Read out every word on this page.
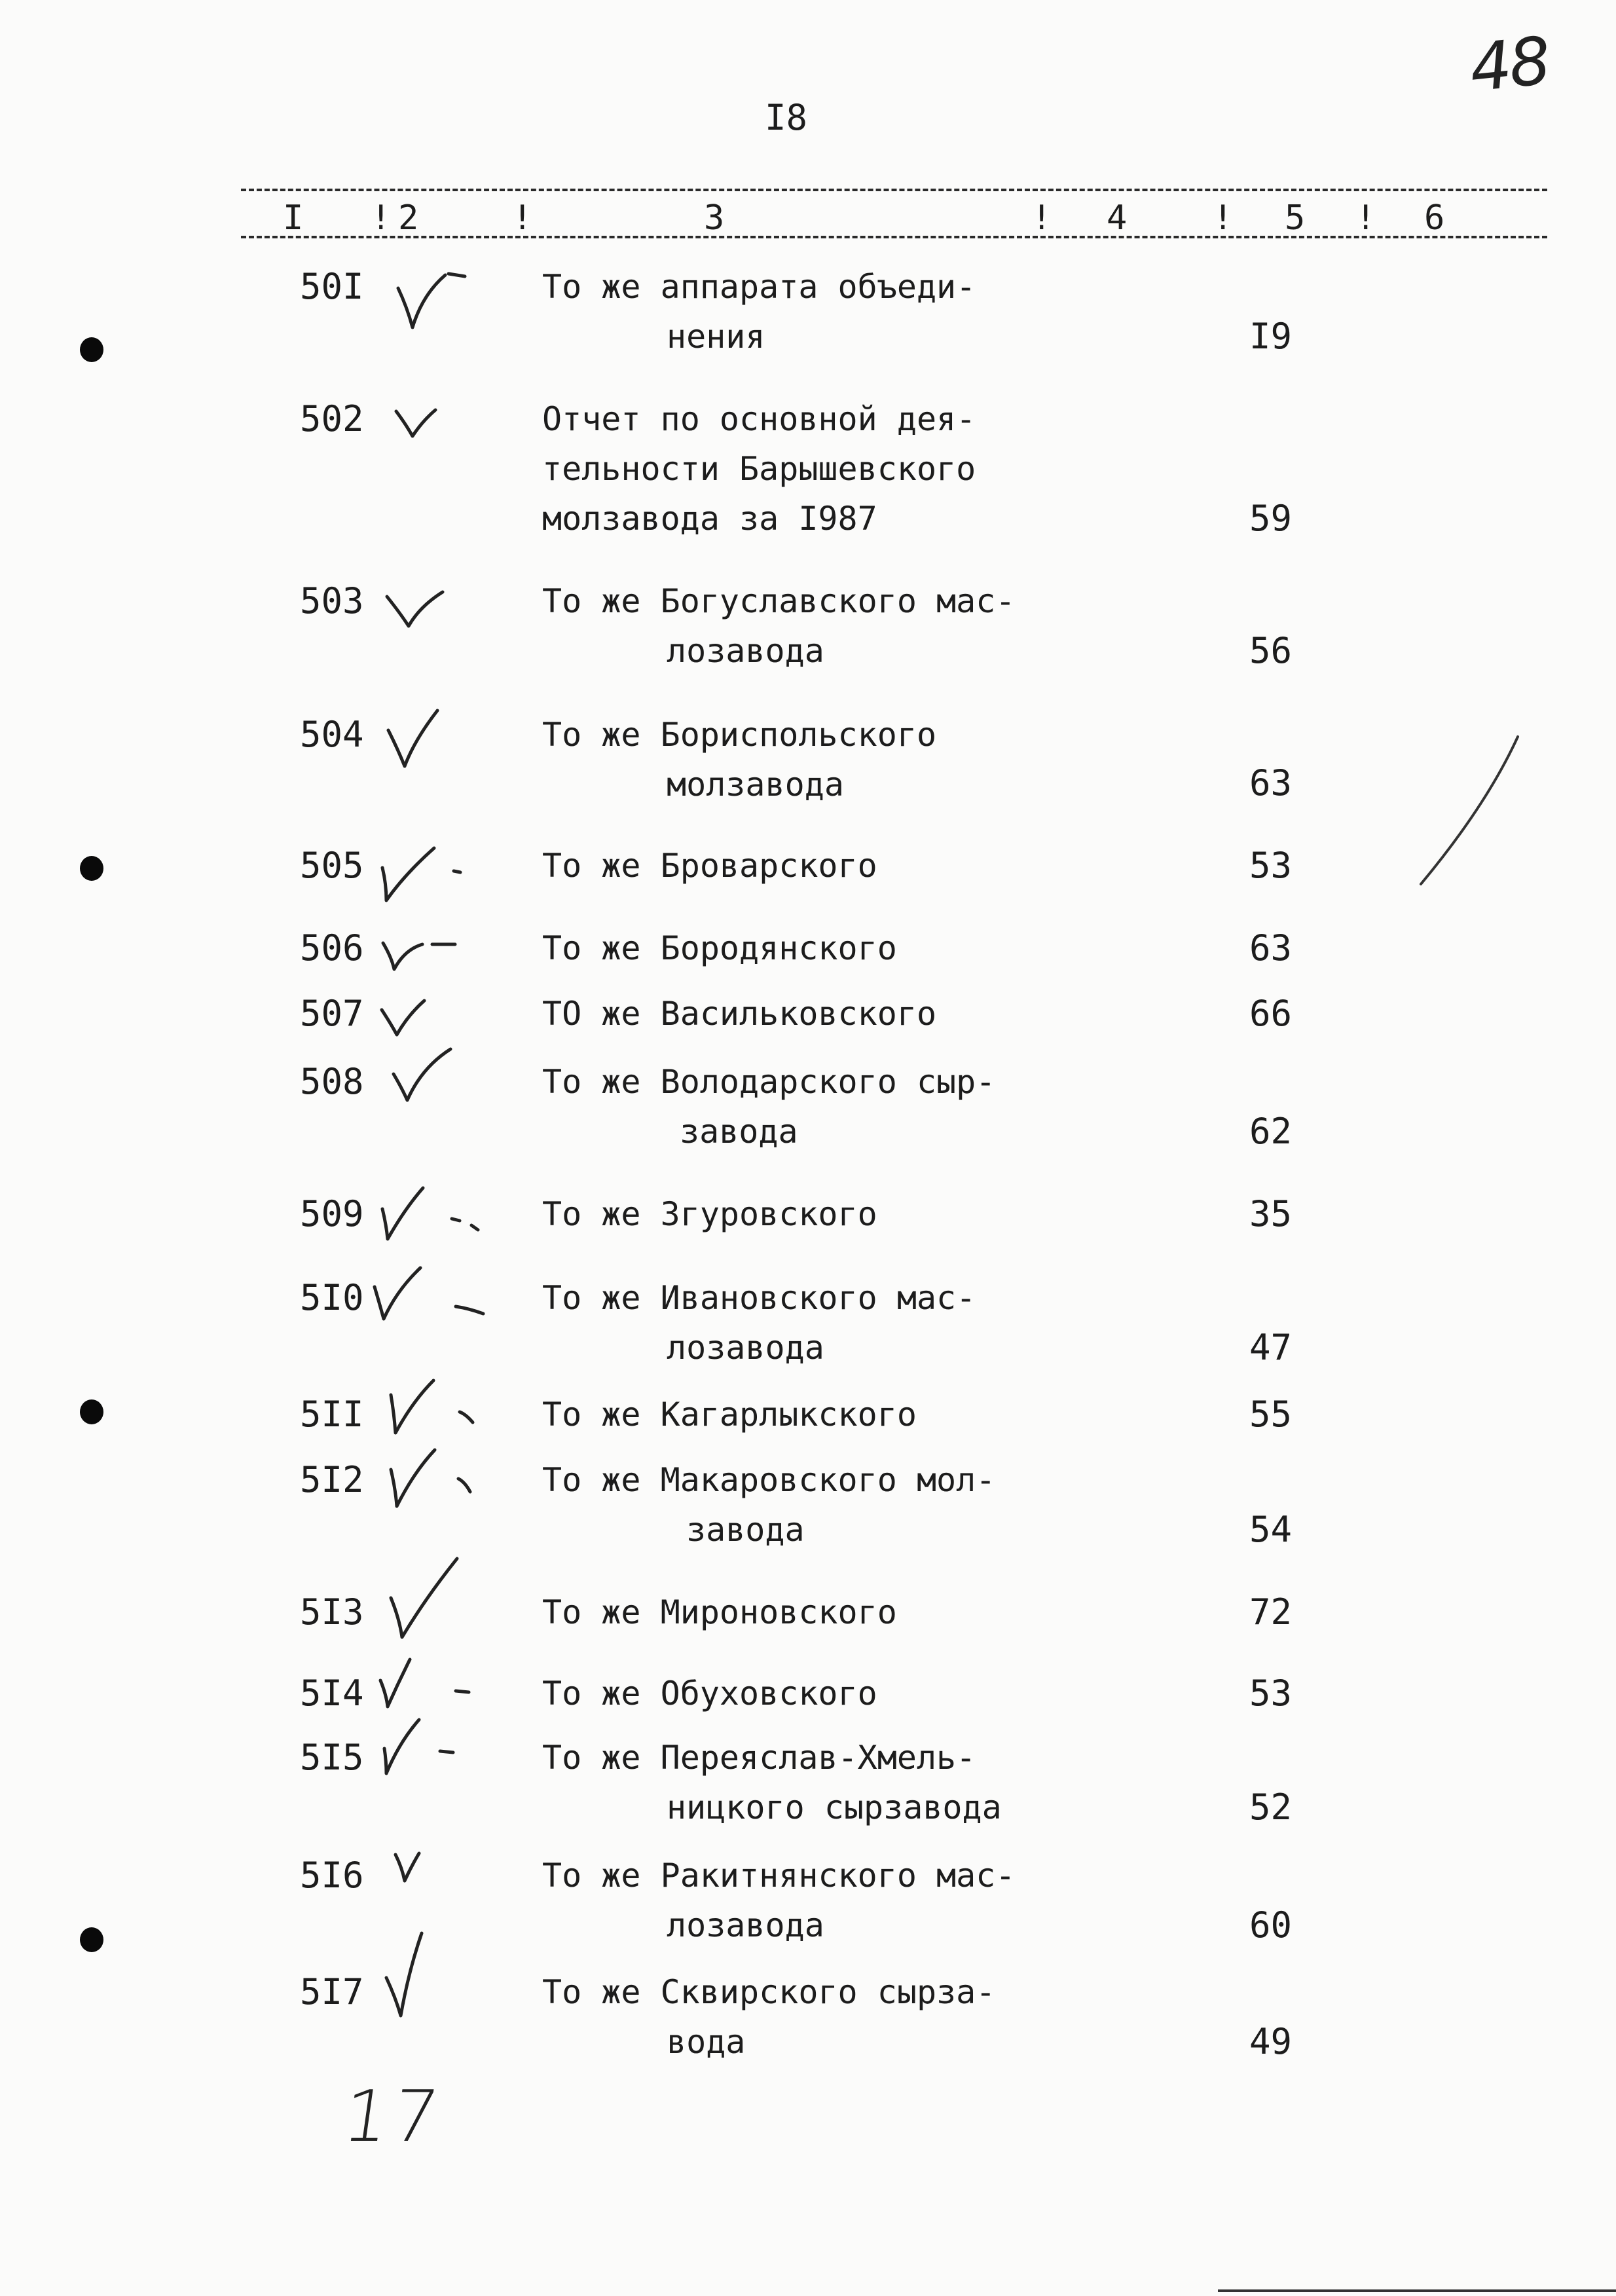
48
I8
I ! 2	!	3	! 4	! 5 ! 6
50I	То же аппарата объеди-
нения	I9
502	Отчет по основной дея-
тельности Барышевского
молзавода за I987	59
503	То же Богуславского мас-
лозавода	56
504	То же Бориспольского
молзавода	63
505	То же Броварского	53
506	То же Бородянского	63
507	ТО же Васильковского	66
508	То же Володарского сыр-
завода	62
509	То же Згуровского	35
5I0	То же Ивановского мас-
лозавода	47
5II	То же Кагарлыкского	55
5I2	То же Макаровского мол-
завода	54
5I3	То же Мироновского	72
5I4	То же Обуховского	53
5I5	То же Переяслав-Хмель-
ницкого сырзавода	52
5I6	То же Ракитнянского мас-
лозавода	60
5I7	То же Сквирского сырза-
вода	49
17
